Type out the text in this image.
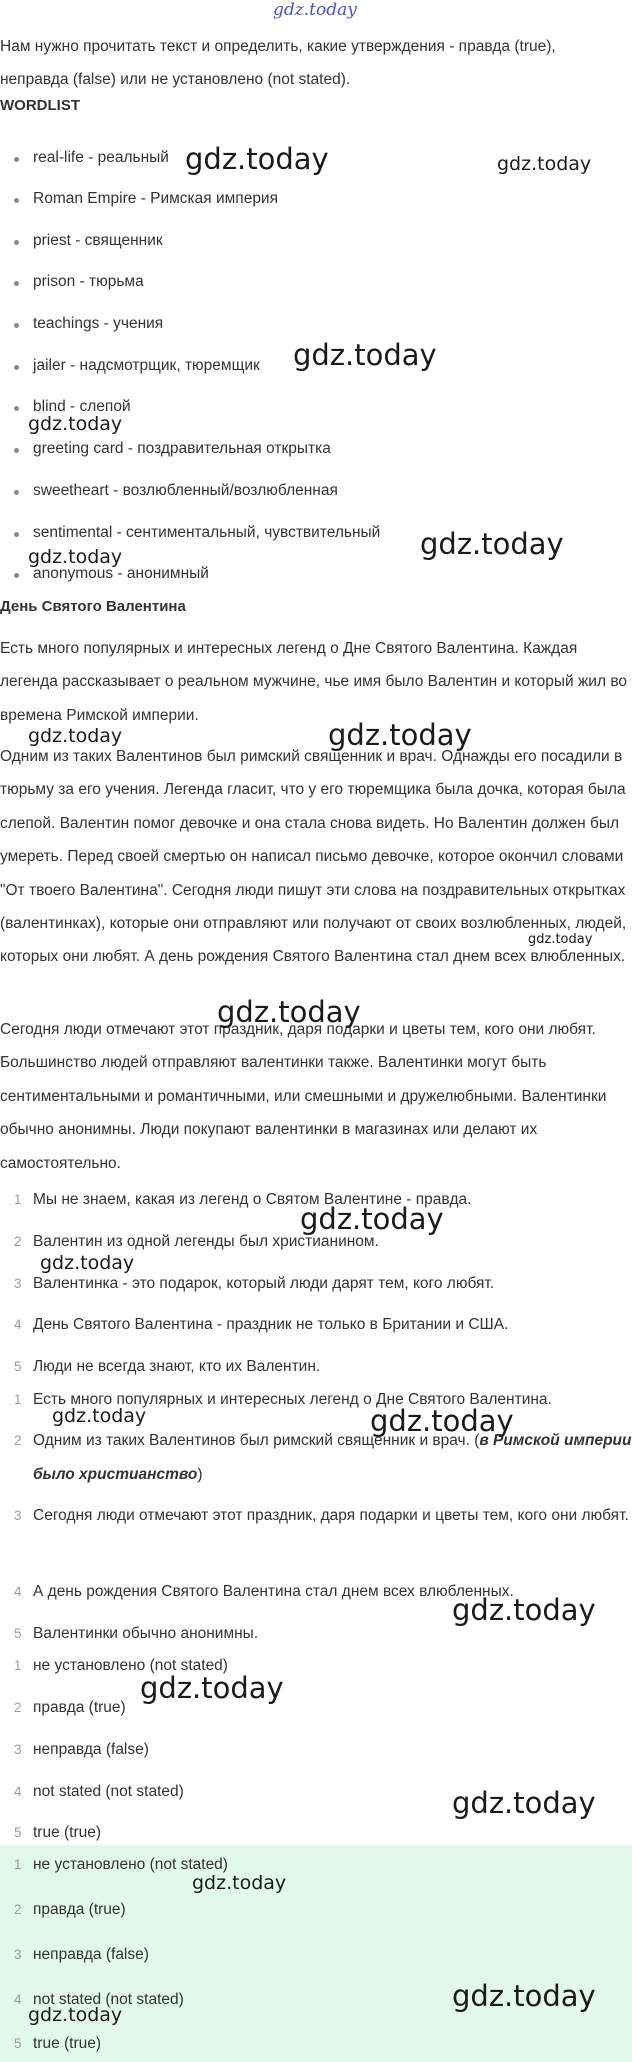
gdz.today

Нам нужно прочитать текст и определить, какие утверждения - правда (true), неправда (false) или не установлено (not stated).

WORDLIST
real-life - реальный
Roman Empire - Римская империя
priest - священник
prison - тюрьма
teachings - учения
jailer - надсмотрщик, тюремщик
blind - слепой
greeting card - поздравительная открытка
sweetheart - возлюбленный/возлюбленная
sentimental - сентиментальный, чувствительный
anonymous - анонимный
День Святого Валентина

Есть много популярных и интересных легенд о Дне Святого Валентина. Каждая легенда рассказывает о реальном мужчине, чье имя было Валентин и который жил во времена Римской империи.

Одним из таких Валентинов был римский священник и врач. Однажды его посадили в тюрьму за его учения. Легенда гласит, что у его тюремщика была дочка, которая была слепой. Валентин помог девочке и она стала снова видеть. Но Валентин должен был умереть. Перед своей смертью он написал письмо девочке, которое окончил словами "От твоего Валентина". Сегодня люди пишут эти слова на поздравительных открытках (валентинках), которые они отправляют или получают от своих возлюбленных, людей, которых они любят. А день рождения Святого Валентина стал днем всех влюбленных.

Сегодня люди отмечают этот праздник, даря подарки и цветы тем, кого они любят. Большинство людей отправляют валентинки также. Валентинки могут быть сентиментальными и романтичными, или смешными и дружелюбными. Валентинки обычно анонимны. Люди покупают валентинки в магазинах или делают их самостоятельно.

1 Мы не знаем, какая из легенд о Святом Валентине - правда.
2 Валентин из одной легенды был христианином.
3 Валентинка - это подарок, который люди дарят тем, кого любят.
4 День Святого Валентина - праздник не только в Британии и США.
5 Люди не всегда знают, кто их Валентин.
1 Есть много популярных и интересных легенд о Дне Святого Валентина.
2 Одним из таких Валентинов был римский священник и врач. (в Римской империи было христианство)
3 Сегодня люди отмечают этот праздник, даря подарки и цветы тем, кого они любят.
4 А день рождения Святого Валентина стал днем всех влюбленных.
5 Валентинки обычно анонимны.
1 не установлено (not stated)
2 правда (true)
3 неправда (false)
4 not stated (not stated)
5 true (true)
1 не установлено (not stated)
2 правда (true)
3 неправда (false)
4 not stated (not stated)
5 true (true)
gdz.today	gdz.today
gdz.today
gdz.today
gdz.today
gdz.today
gdz.today	gdz.today
gdz.today
gdz.today
gdz.today
gdz.today
gdz.today	gdz.today
gdz.today
gdz.today
gdz.today
gdz.today
gdz.today
gdz.today
